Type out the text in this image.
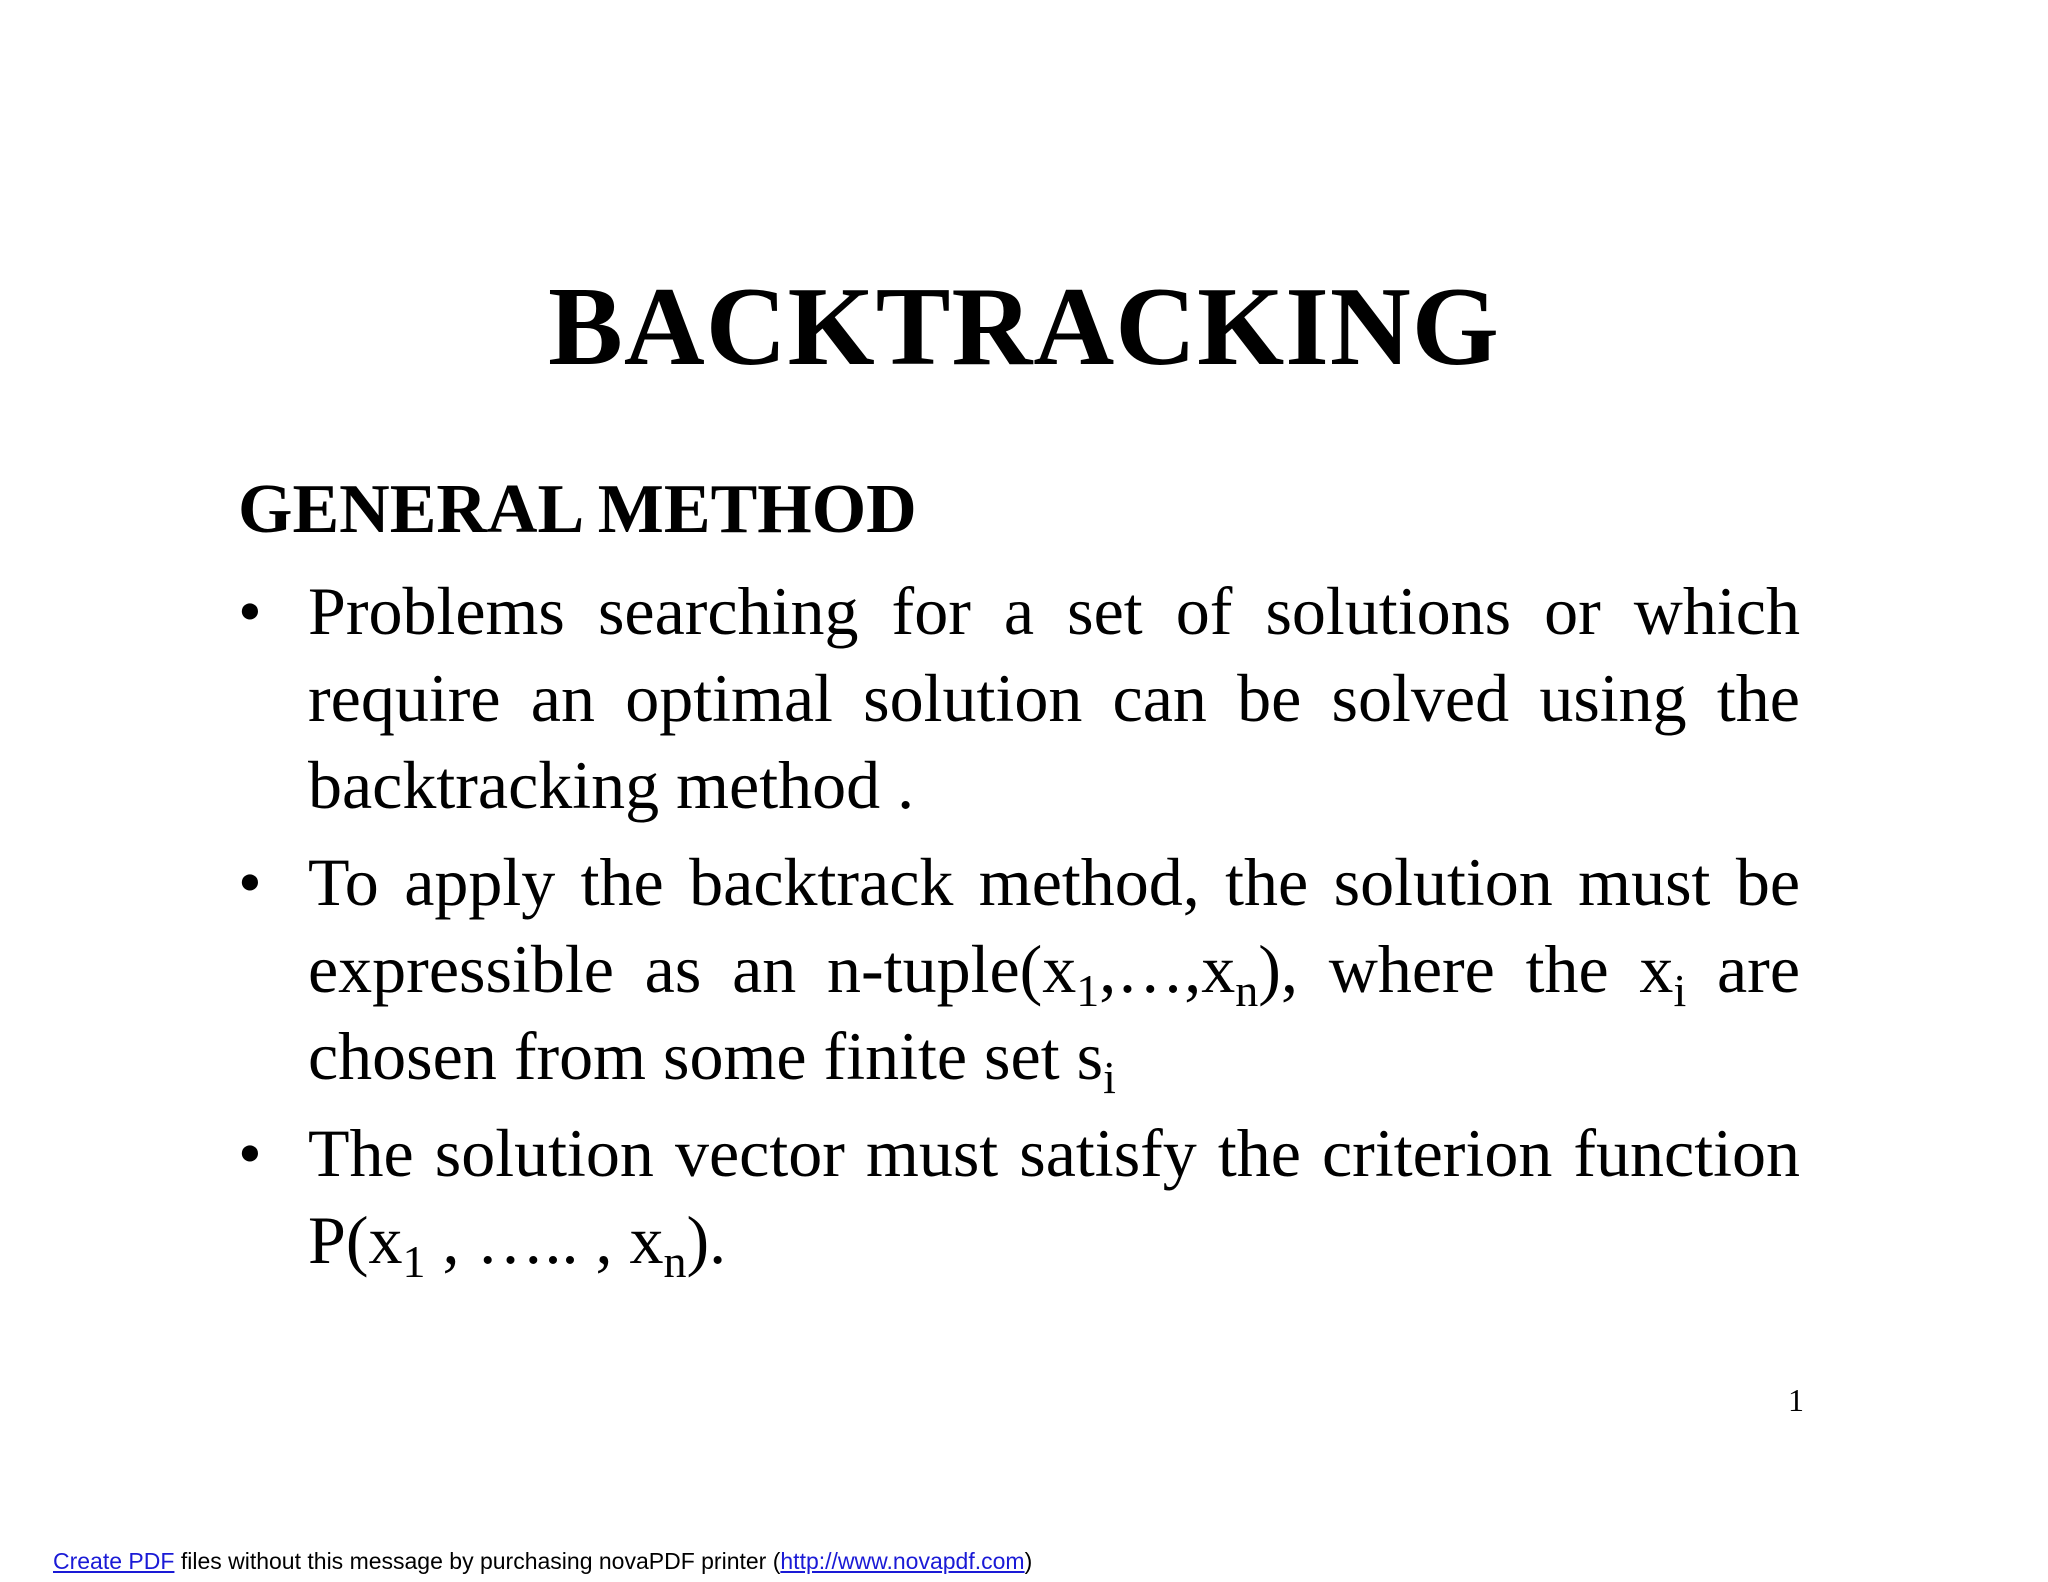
BACKTRACKING
GENERAL METHOD
• Problems searching for a set of solutions or which require an optimal solution can be solved using the backtracking method .
• To apply the backtrack method, the solution must be expressible as an $n-tuple(x_1,\dots,x_n)$, where the $x_i$ are chosen from some finite set $s_i$
• The solution vector must satisfy the criterion function $P(x_1$ , ….. , $x_n$).
1
Create PDF files without this message by purchasing novaPDF printer (http://www.novapdf.com)
